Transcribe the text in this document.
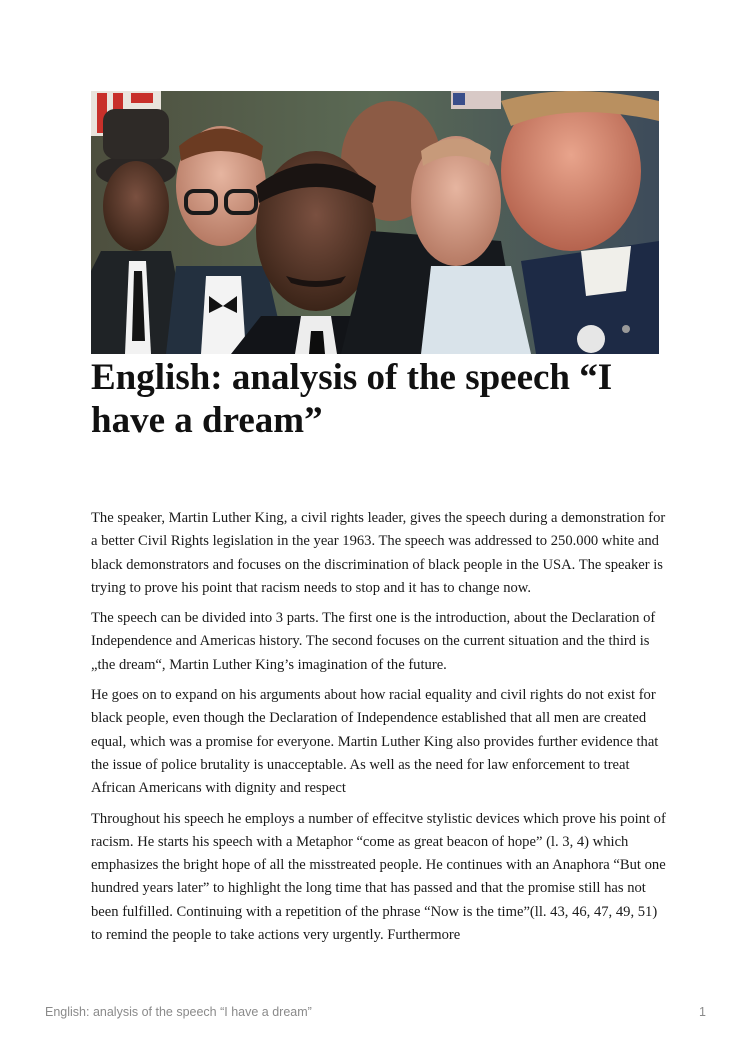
English: analysis of the speech “I have a dream”

The speaker, Martin Luther King, a civil rights leader, gives the speech during a demonstration for a better Civil Rights legislation in the year 1963. The speech was addressed to 250.000 white and black demonstrators and focuses on the discrimination of black people in the USA. The speaker is trying to prove his point that racism needs to stop and it has to change now.

The speech can be divided into 3 parts. The first one is the introduction, about the Declaration of Independence and Americas history. The second focuses on the current situation and the third is „the dream“, Martin Luther King’s imagination of the future.

He goes on to expand on his arguments about how racial equality and civil rights do not exist for black people, even though the Declaration of Independence established that all men are created equal, which was a promise for everyone. Martin Luther King also provides further evidence that the issue of police brutality is unacceptable. As well as the need for law enforcement to treat African Americans with dignity and respect

Throughout his speech he employs a number of effecitve stylistic devices which prove his point of racism. He starts his speech with a Metaphor “come as great beacon of hope” (l. 3, 4) which emphasizes the bright hope of all the misstreated people. He continues with an Anaphora “But one hundred years later” to highlight the long time that has passed and that the promise still has not been fulfilled. Continuing with a repetition of the phrase “Now is the time”(ll. 43, 46, 47, 49, 51) to remind the people to take actions very urgently. Furthermore

English: analysis of the speech “I have a dream”	1
